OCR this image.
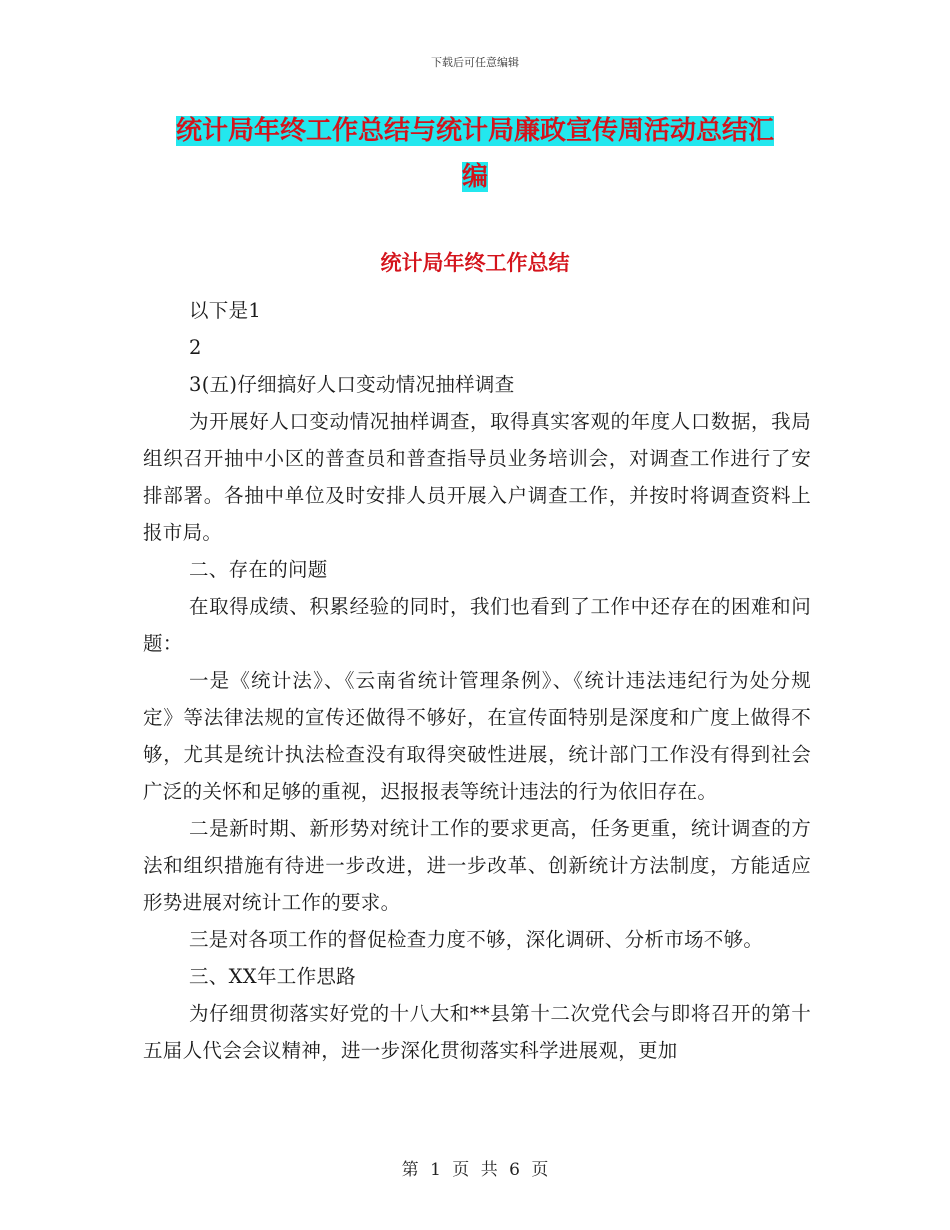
下载后可任意编辑
统计局年终工作总结与统计局廉政宣传周活动总结汇
编
统计局年终工作总结

以下是1

2

3(五)仔细搞好人口变动情况抽样调查

为开展好人口变动情况抽样调查，取得真实客观的年度人口数据，我局组织召开抽中小区的普查员和普查指导员业务培训会，对调查工作进行了安排部署。各抽中单位及时安排人员开展入户调查工作，并按时将调查资料上报市局。

二、存在的问题

在取得成绩、积累经验的同时，我们也看到了工作中还存在的困难和问题：

一是《统计法》、《云南省统计管理条例》、《统计违法违纪行为处分规定》等法律法规的宣传还做得不够好，在宣传面特别是深度和广度上做得不够，尤其是统计执法检查没有取得突破性进展，统计部门工作没有得到社会广泛的关怀和足够的重视，迟报报表等统计违法的行为依旧存在。

二是新时期、新形势对统计工作的要求更高，任务更重，统计调查的方法和组织措施有待进一步改进，进一步改革、创新统计方法制度，方能适应形势进展对统计工作的要求。

三是对各项工作的督促检查力度不够，深化调研、分析市场不够。

三、XX年工作思路

为仔细贯彻落实好党的十八大和**县第十二次党代会与即将召开的第十五届人代会会议精神，进一步深化贯彻落实科学进展观，更加

第 1 页 共 6 页
